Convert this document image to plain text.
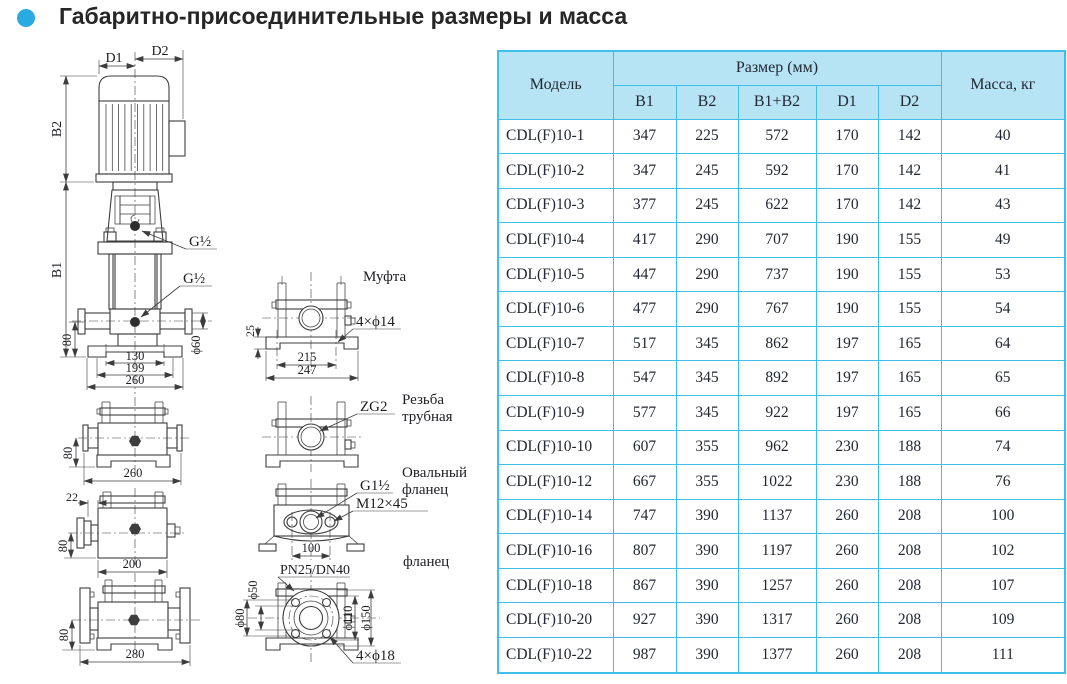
Габаритно-присоединительные размеры и масса
D1 D2
B2
B1
G½
G½
ϕ60
80
130
199
260
80
260
22
80
200
80
280
Муфта
25
215
247
4×ϕ14
ZG2 Резьба
трубная
100
G1½
M12×45
Овальный
фланец
PN25/DN40
ϕ50
ϕ80	ϕ110 ϕ150
4×ϕ18
фланец
Модель	Размер (мм)					Масса, кг
	B1	B2	B1+B2	D1	D2	
CDL(F)10-1	347	225	572	170	142	40
CDL(F)10-2	347	245	592	170	142	41
CDL(F)10-3	377	245	622	170	142	43
CDL(F)10-4	417	290	707	190	155	49
CDL(F)10-5	447	290	737	190	155	53
CDL(F)10-6	477	290	767	190	155	54
CDL(F)10-7	517	345	862	197	165	64
CDL(F)10-8	547	345	892	197	165	65
CDL(F)10-9	577	345	922	197	165	66
CDL(F)10-10	607	355	962	230	188	74
CDL(F)10-12	667	355	1022	230	188	76
CDL(F)10-14	747	390	1137	260	208	100
CDL(F)10-16	807	390	1197	260	208	102
CDL(F)10-18	867	390	1257	260	208	107
CDL(F)10-20	927	390	1317	260	208	109
CDL(F)10-22	987	390	1377	260	208	111
